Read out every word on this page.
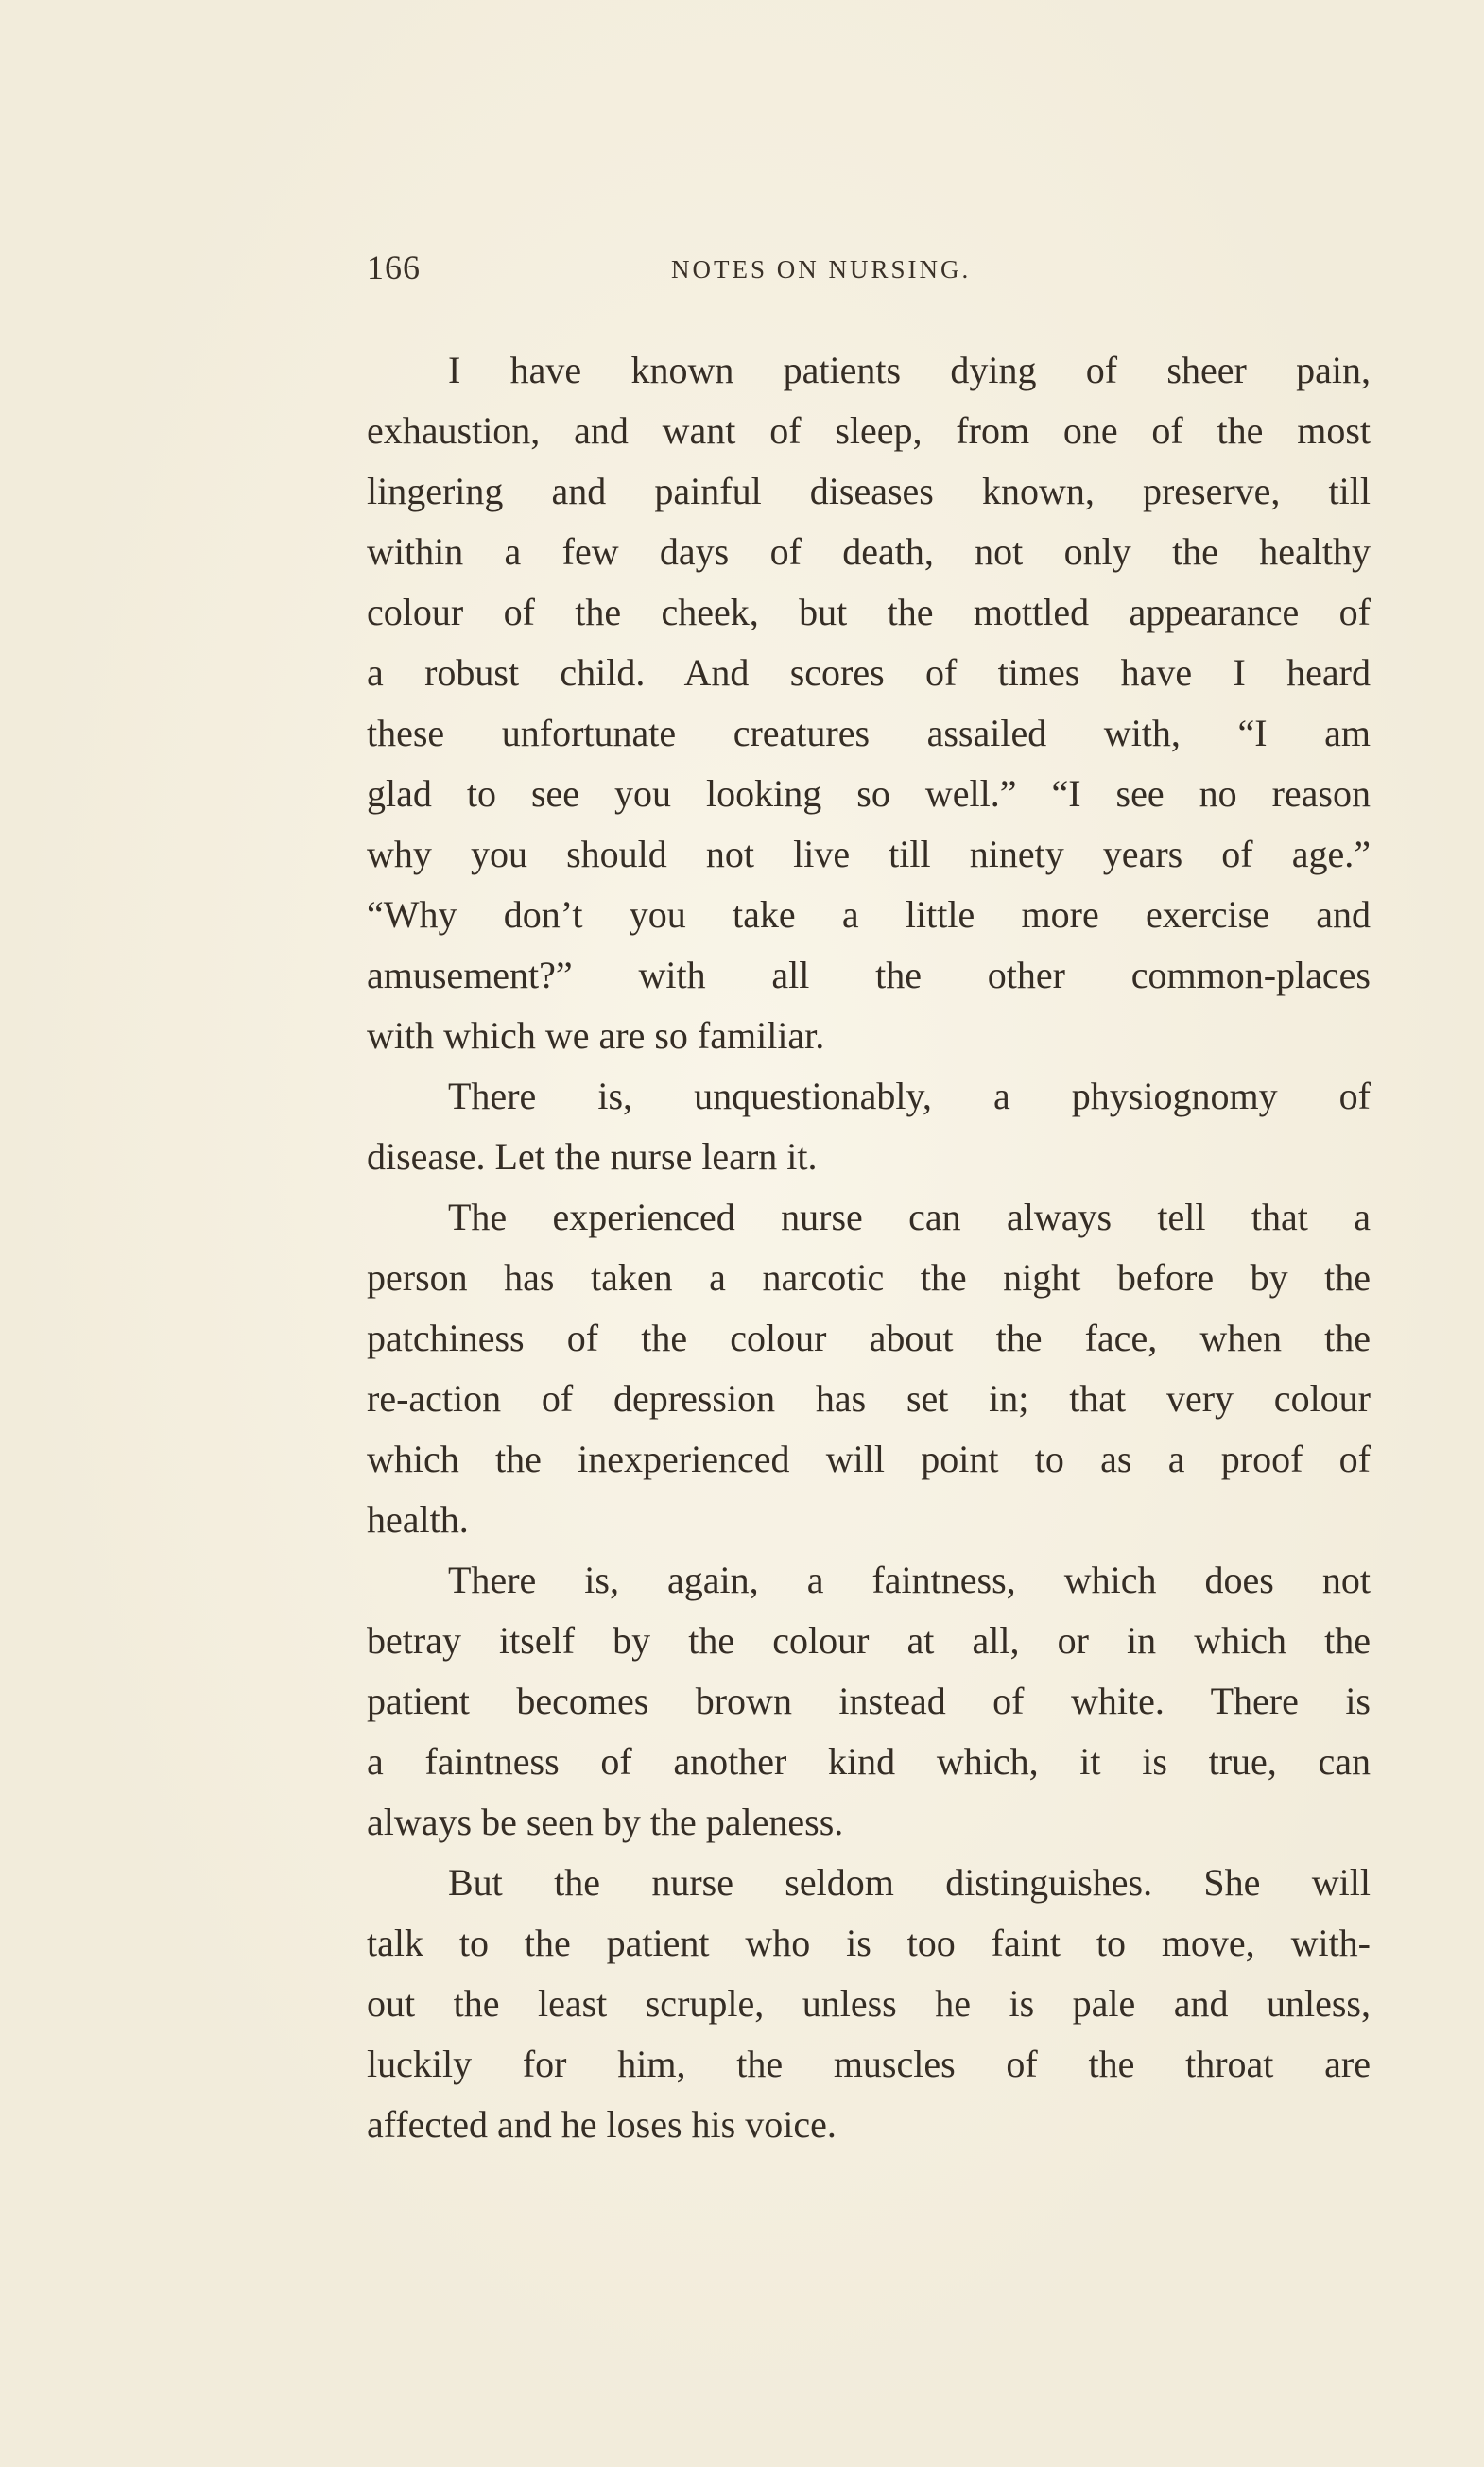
166	NOTES ON NURSING.
I have known patients dying of sheer pain,
exhaustion, and want of sleep, from one of the most
lingering and painful diseases known, preserve, till
within a few days of death, not only the healthy
colour of the cheek, but the mottled appearance of
a robust child. And scores of times have I heard
these unfortunate creatures assailed with, “I am
glad to see you looking so well.” “I see no reason
why you should not live till ninety years of age.”
“Why don’t you take a little more exercise and
amusement?” with all the other common-places
with which we are so familiar.
There is, unquestionably, a physiognomy of
disease. Let the nurse learn it.
The experienced nurse can always tell that a
person has taken a narcotic the night before by the
patchiness of the colour about the face, when the
re-action of depression has set in; that very colour
which the inexperienced will point to as a proof of
health.
There is, again, a faintness, which does not
betray itself by the colour at all, or in which the
patient becomes brown instead of white. There is
a faintness of another kind which, it is true, can
always be seen by the paleness.
But the nurse seldom distinguishes. She will
talk to the patient who is too faint to move, with-
out the least scruple, unless he is pale and unless,
luckily for him, the muscles of the throat are
affected and he loses his voice.
